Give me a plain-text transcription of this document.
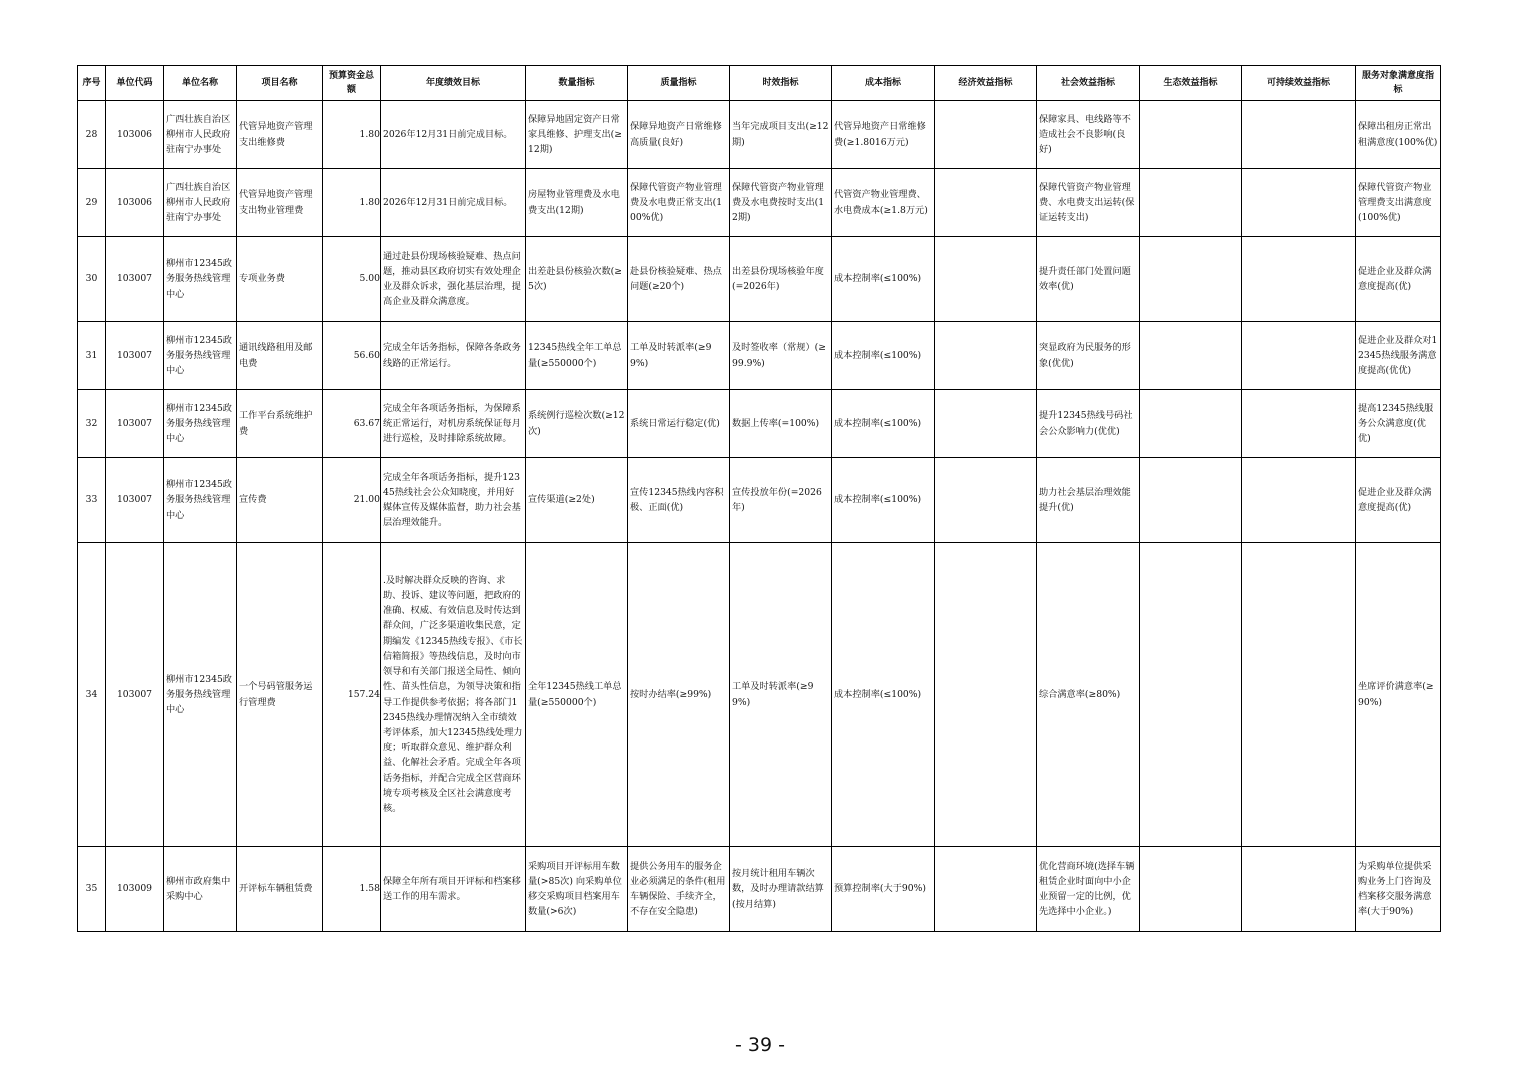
序号	单位代码	单位名称	项目名称	预算资金总额	年度绩效目标	数量指标	质量指标	时效指标	成本指标	经济效益指标	社会效益指标	生态效益指标	可持续效益指标	服务对象满意度指标
28	103006	广西壮族自治区柳州市人民政府驻南宁办事处	代管异地资产管理支出维修费	1.80	2026年12月31日前完成目标。	保障异地固定资产日常家具维修、护理支出(≥12期)	保障异地资产日常维修高质量(良好)	当年完成项目支出(≥12期)	代管异地资产日常维修费(≥1.8016万元)		保障家具、电线路等不造成社会不良影响(良好)			保障出租房正常出租满意度(100%优)
29	103006	广西壮族自治区柳州市人民政府驻南宁办事处	代管异地资产管理支出物业管理费	1.80	2026年12月31日前完成目标。	房屋物业管理费及水电费支出(12期)	保障代管资产物业管理费及水电费正常支出(100%优)	保障代管资产物业管理费及水电费按时支出(12期)	代管资产物业管理费、水电费成本(≥1.8万元)		保障代管资产物业管理费、水电费支出运转(保证运转支出)			保障代管资产物业管理费支出满意度(100%优)
30	103007	柳州市12345政务服务热线管理中心	专项业务费	5.00	通过赴县份现场核验疑难、热点问题，推动县区政府切实有效处理企业及群众诉求，强化基层治理，提高企业及群众满意度。	出差赴县份核验次数(≥5次)	赴县份核验疑难、热点问题(≥20个)	出差县份现场核验年度(=2026年)	成本控制率(≤100%)		提升责任部门处置问题效率(优)			促进企业及群众满意度提高(优)
31	103007	柳州市12345政务服务热线管理中心	通讯线路租用及邮电费	56.60	完成全年话务指标，保障各条政务线路的正常运行。	12345热线全年工单总量(≥550000个)	工单及时转派率(≥99%)	及时签收率（常规）(≥99.9%)	成本控制率(≤100%)		突显政府为民服务的形象(优优)			促进企业及群众对12345热线服务满意度提高(优优)
32	103007	柳州市12345政务服务热线管理中心	工作平台系统维护费	63.67	完成全年各项话务指标，为保障系统正常运行，对机房系统保证每月进行巡检，及时排除系统故障。	系统例行巡检次数(≥12次)	系统日常运行稳定(优)	数据上传率(=100%)	成本控制率(≤100%)		提升12345热线号码社会公众影响力(优优)			提高12345热线服务公众满意度(优优)
33	103007	柳州市12345政务服务热线管理中心	宣传费	21.00	完成全年各项话务指标，提升12345热线社会公众知晓度，并用好媒体宣传及媒体监督，助力社会基层治理效能升。	宣传渠道(≥2处)	宣传12345热线内容积极、正面(优)	宣传投放年份(=2026年)	成本控制率(≤100%)		助力社会基层治理效能提升(优)			促进企业及群众满意度提高(优)
34	103007	柳州市12345政务服务热线管理中心	一个号码管服务运行管理费	157.24	.及时解决群众反映的咨询、求助、投诉、建议等问题，把政府的准确、权威、有效信息及时传达到群众间，广泛多渠道收集民意，定期编发《12345热线专报》、《市长信箱简报》等热线信息，及时向市领导和有关部门报送全局性、倾向性、苗头性信息，为领导决策和指导工作提供参考依据；将各部门12345热线办理情况纳入全市绩效考评体系，加大12345热线处理力度；听取群众意见、维护群众利益、化解社会矛盾。完成全年各项话务指标，并配合完成全区营商环境专项考核及全区社会满意度考核。	全年12345热线工单总量(≥550000个)	按时办结率(≥99%)	工单及时转派率(≥99%)	成本控制率(≤100%)		综合满意率(≥80%)			坐席评价满意率(≥90%)
35	103009	柳州市政府集中采购中心	开评标车辆租赁费	1.58	保障全年所有项目开评标和档案移送工作的用车需求。	采购项目开评标用车数量(>85次) 向采购单位移交采购项目档案用车数量(>6次)	提供公务用车的服务企业必须满足的条件(租用车辆保险、手续齐全，不存在安全隐患)	按月统计租用车辆次数，及时办理请款结算(按月结算)	预算控制率(大于90%)		优化营商环境(选择车辆租赁企业时面向中小企业预留一定的比例，优先选择中小企业。)			为采购单位提供采购业务上门咨询及档案移交服务满意率(大于90%)
- 39 -
